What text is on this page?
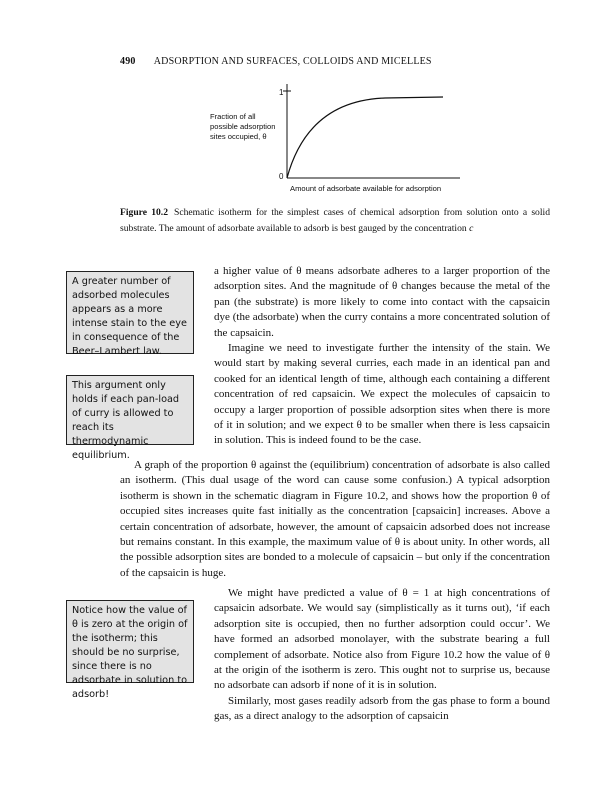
490 ADSORPTION AND SURFACES, COLLOIDS AND MICELLES
1
0
Fraction of all possible adsorption sites occupied, θ
Amount of adsorbate available for adsorption
Figure 10.2 Schematic isotherm for the simplest cases of chemical adsorption from solution onto a solid substrate. The amount of adsorbate available to adsorb is best gauged by the concentration c
A greater number of adsorbed molecules appears as a more intense stain to the eye in consequence of the Beer–Lambert law.
This argument only holds if each pan-load of curry is allowed to reach its thermodynamic equilibrium.
Notice how the value of θ is zero at the origin of the isotherm; this should be no surprise, since there is no adsorbate in solution to adsorb!
a higher value of θ means adsorbate adheres to a larger proportion of the adsorption sites. And the magnitude of θ changes because the metal of the pan (the substrate) is more likely to come into contact with the capsaicin dye (the adsorbate) when the curry contains a more concentrated solution of the capsaicin.
Imagine we need to investigate further the intensity of the stain. We would start by making several curries, each made in an identical pan and cooked for an identical length of time, although each containing a different concentration of red capsaicin. We expect the molecules of capsaicin to occupy a larger proportion of possible adsorption sites when there is more of it in solution; and we expect θ to be smaller when there is less capsaicin in solution. This is indeed found to be the case.
A graph of the proportion θ against the (equilibrium) concentration of adsorbate is also called an isotherm. (This dual usage of the word can cause some confusion.) A typical adsorption isotherm is shown in the schematic diagram in Figure 10.2, and shows how the proportion θ of occupied sites increases quite fast initially as the concentration [capsaicin] increases. Above a certain concentration of adsorbate, however, the amount of capsaicin adsorbed does not increase but remains constant. In this example, the maximum value of θ is about unity. In other words, all the possible adsorption sites are bonded to a molecule of capsaicin – but only if the concentration of the capsaicin is huge.
We might have predicted a value of θ = 1 at high concentrations of capsaicin adsorbate. We would say (simplistically as it turns out), ‘if each adsorption site is occupied, then no further adsorption could occur’. We have formed an adsorbed monolayer, with the substrate bearing a full complement of adsorbate. Notice also from Figure 10.2 how the value of θ at the origin of the isotherm is zero. This ought not to surprise us, because no adsorbate can adsorb if none of it is in solution.
Similarly, most gases readily adsorb from the gas phase to form a bound gas, as a direct analogy to the adsorption of capsaicin
